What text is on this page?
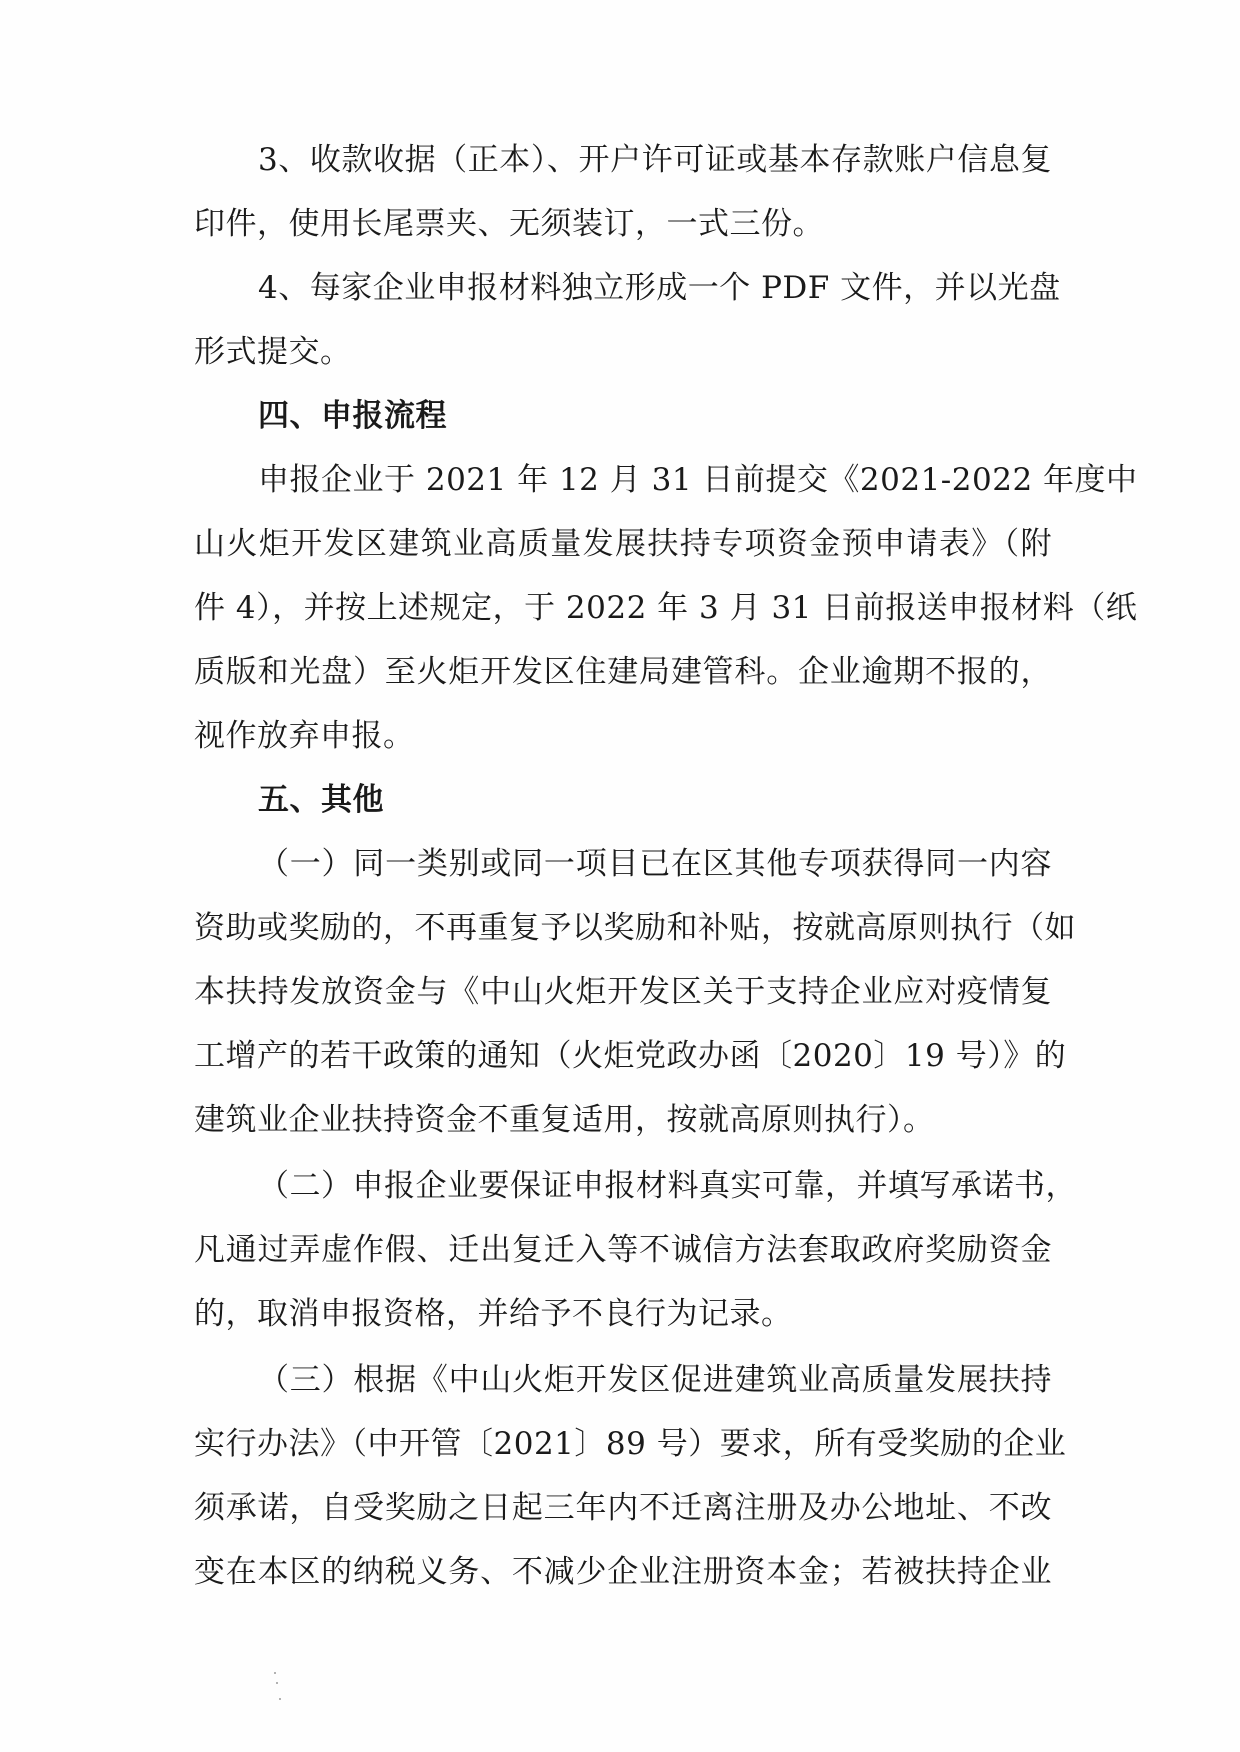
3、收款收据（正本）、开户许可证或基本存款账户信息复
印件，使用长尾票夹、无须装订，一式三份。
4、每家企业申报材料独立形成一个 PDF 文件，并以光盘
形式提交。
四、申报流程
申报企业于 2021 年 12 月 31 日前提交《2021-2022 年度中
山火炬开发区建筑业高质量发展扶持专项资金预申请表》（附
件 4），并按上述规定，于 2022 年 3 月 31 日前报送申报材料（纸
质版和光盘）至火炬开发区住建局建管科。企业逾期不报的，
视作放弃申报。
五、其他
（一）同一类别或同一项目已在区其他专项获得同一内容
资助或奖励的，不再重复予以奖励和补贴，按就高原则执行（如
本扶持发放资金与《中山火炬开发区关于支持企业应对疫情复
工增产的若干政策的通知（火炬党政办函〔2020〕19 号）》的
建筑业企业扶持资金不重复适用，按就高原则执行）。
（二）申报企业要保证申报材料真实可靠，并填写承诺书，
凡通过弄虚作假、迁出复迁入等不诚信方法套取政府奖励资金
的，取消申报资格，并给予不良行为记录。
（三）根据《中山火炬开发区促进建筑业高质量发展扶持
实行办法》（中开管〔2021〕89 号）要求，所有受奖励的企业
须承诺，自受奖励之日起三年内不迁离注册及办公地址、不改
变在本区的纳税义务、不减少企业注册资本金；若被扶持企业
